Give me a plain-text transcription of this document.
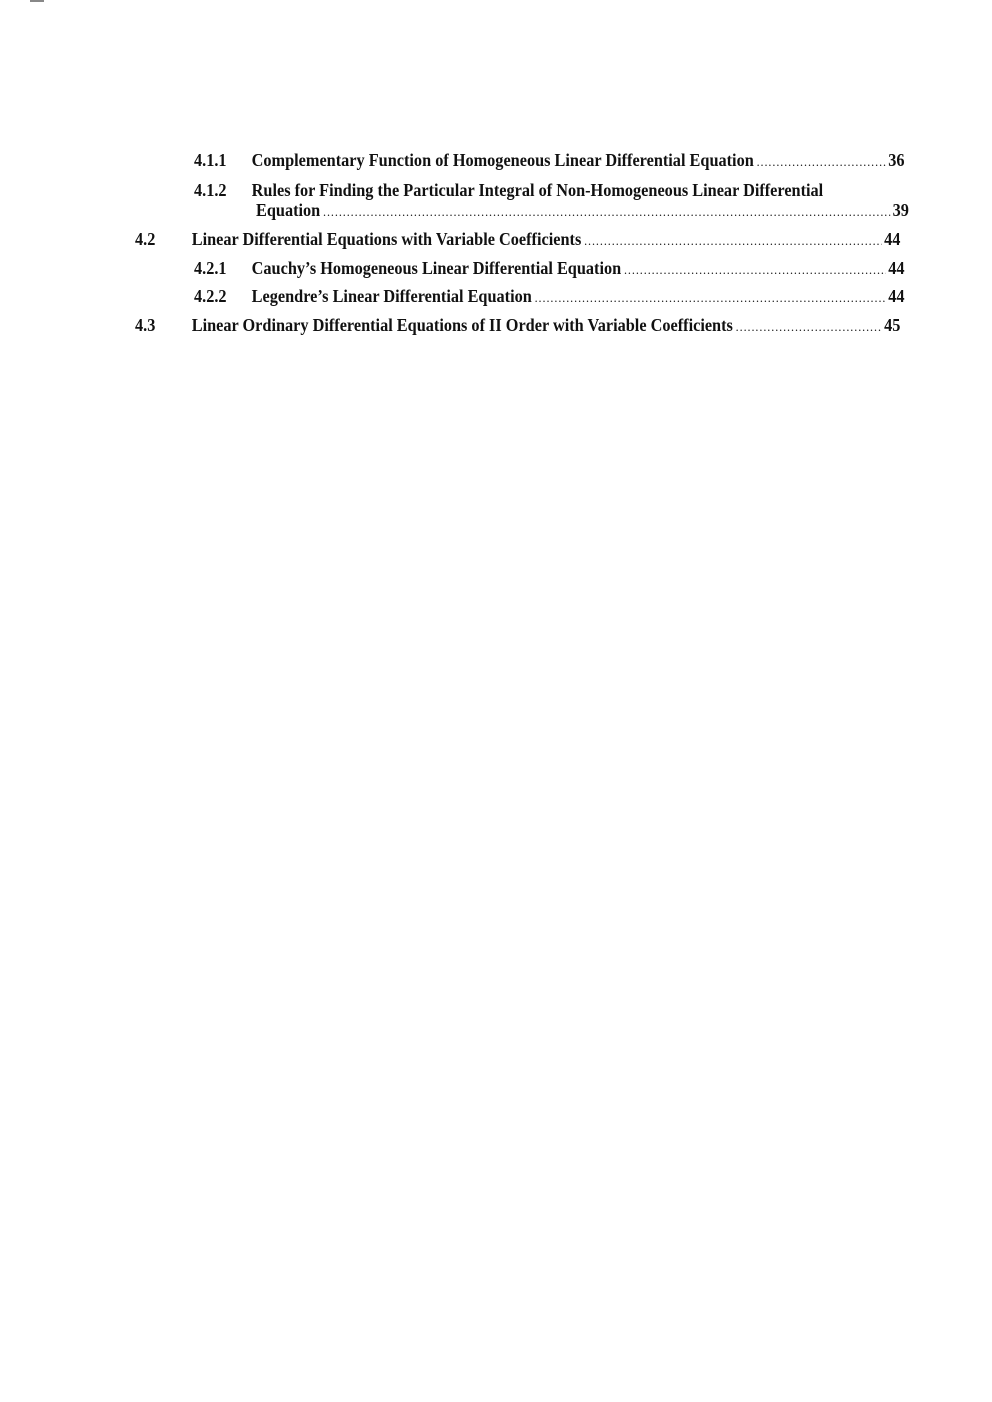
4.1.1	Complementary Function of Homogeneous Linear Differential Equation .....	36
4.1.2 Rules for Finding the Particular Integral of Non-Homogeneous Linear Differential
Equation .....	39
4.2	Linear Differential Equations with Variable Coefficients .....	44
4.2.1	Cauchy’s Homogeneous Linear Differential Equation .....	44
4.2.2	Legendre’s Linear Differential Equation .....	44
4.3	Linear Ordinary Differential Equations of II Order with Variable Coefficients .....	45
